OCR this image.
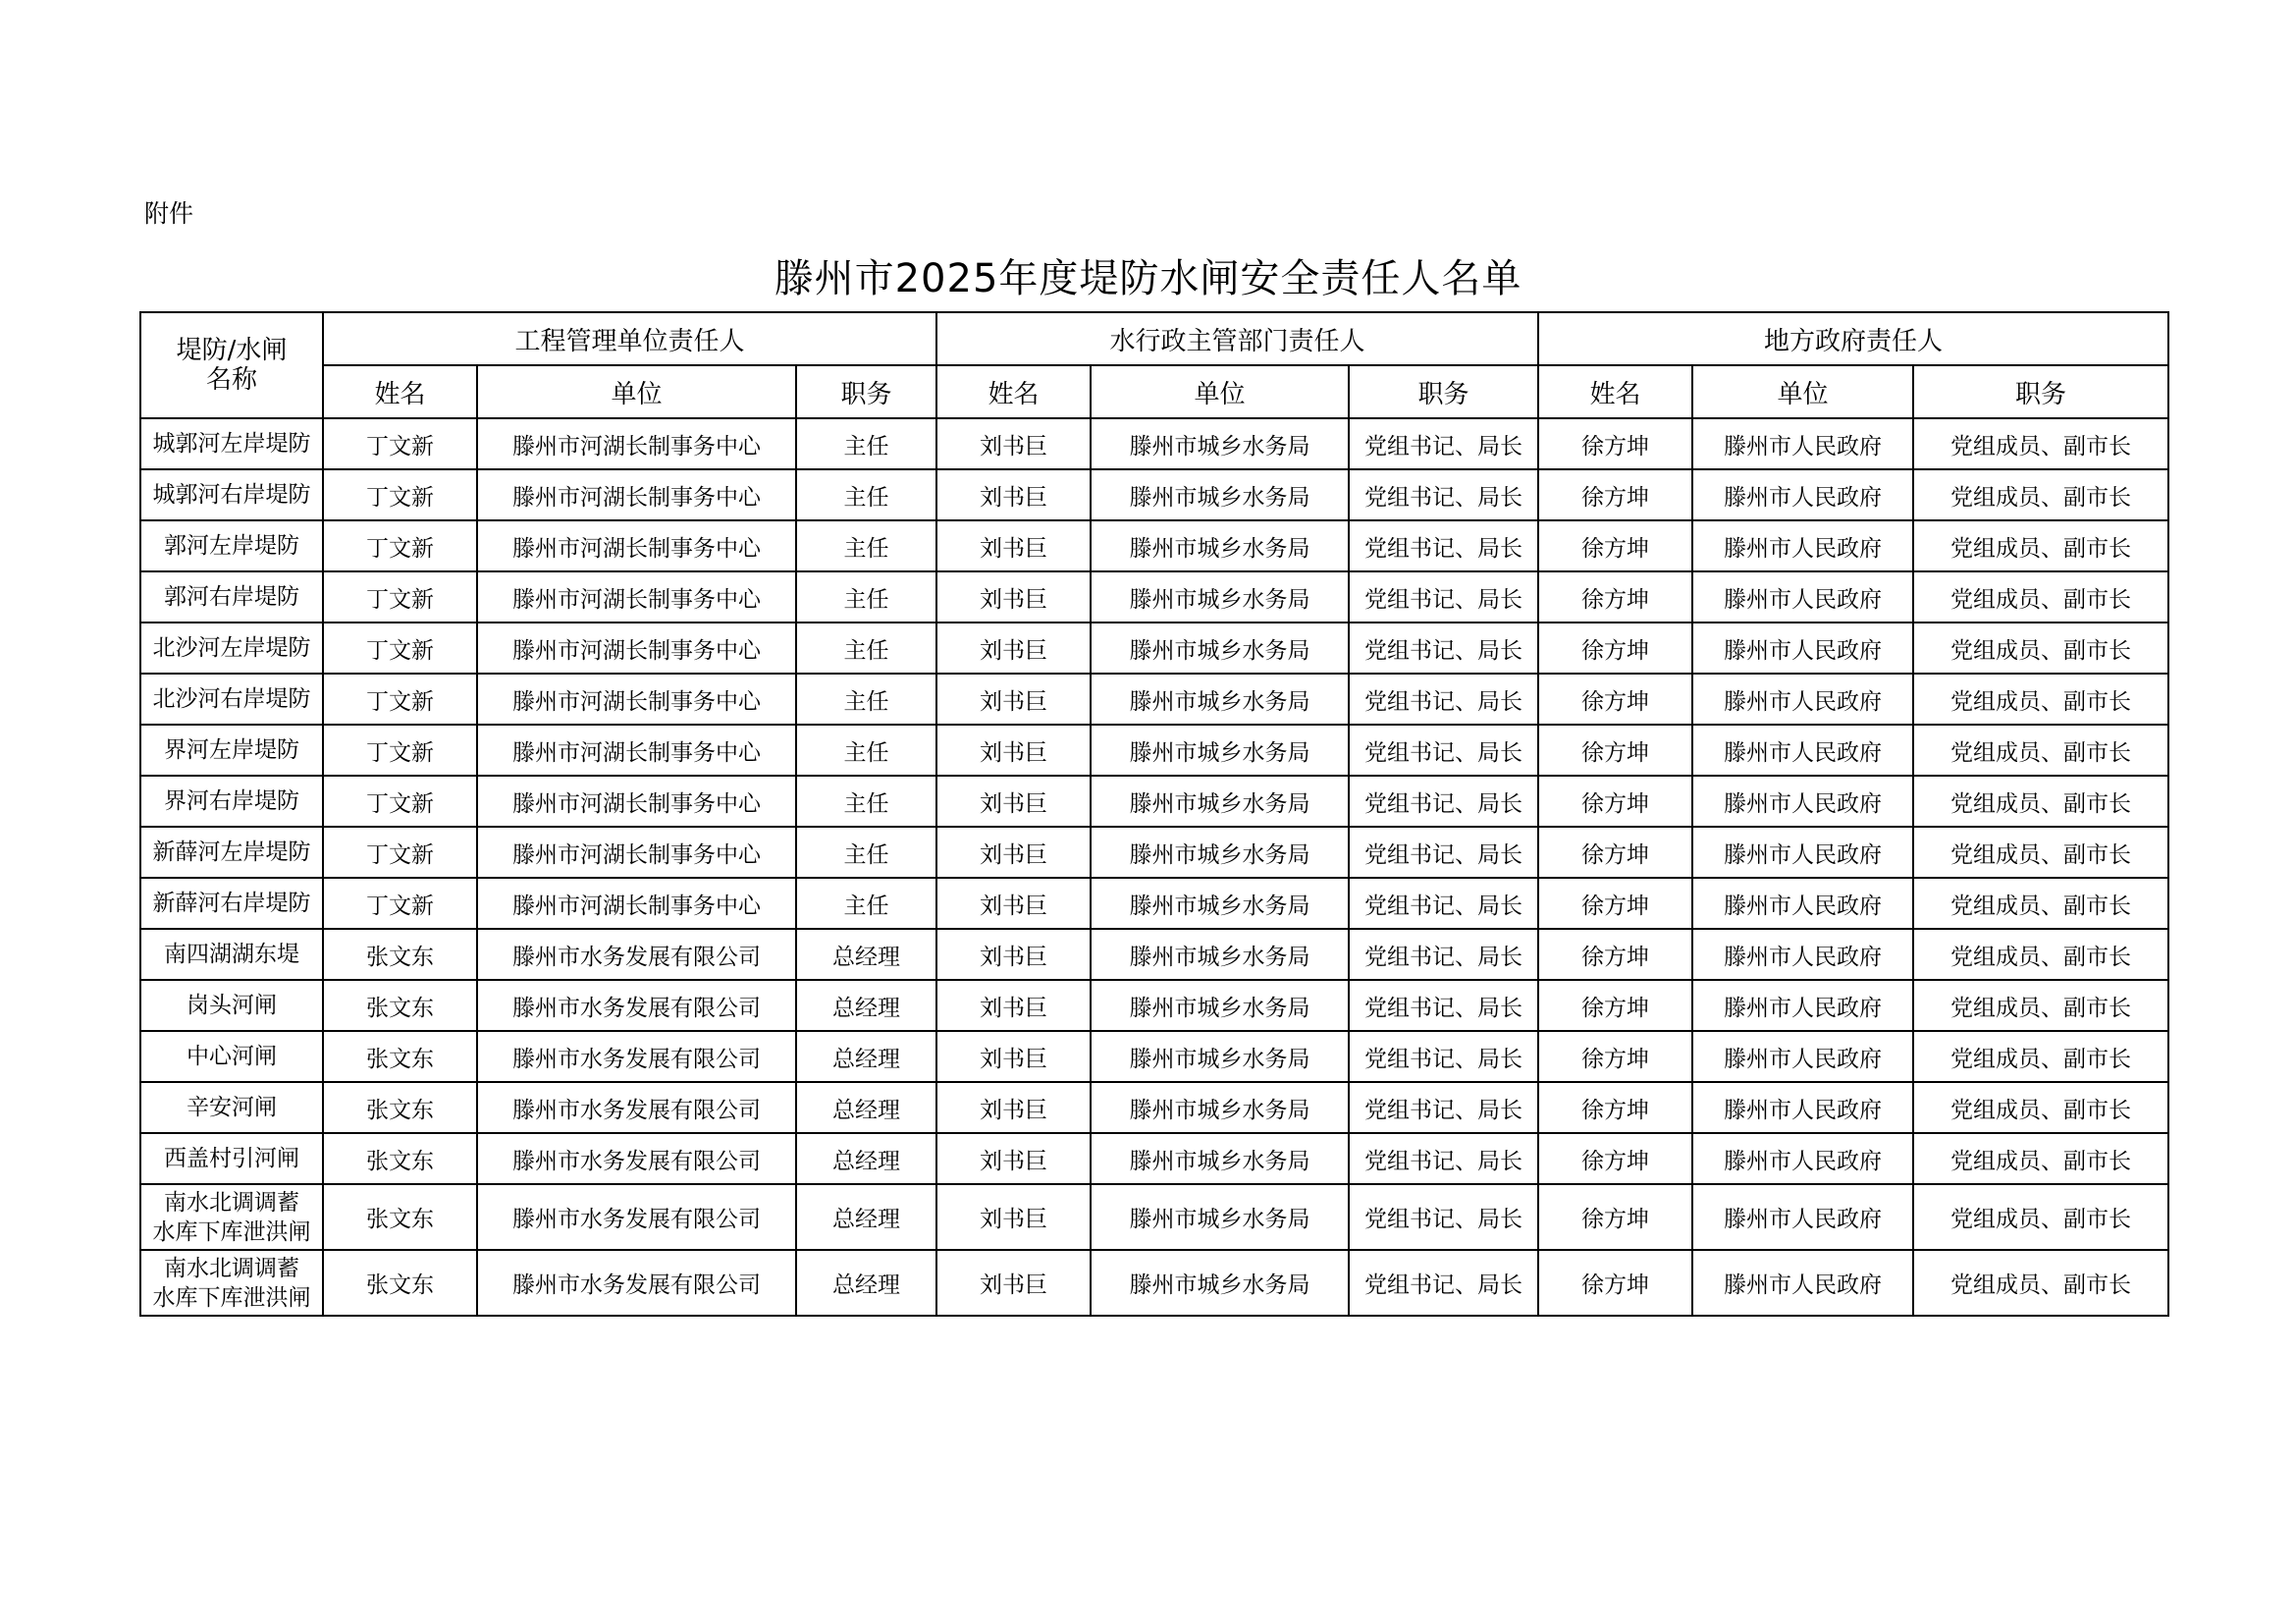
附件
滕州市2025年度堤防水闸安全责任人名单
堤防/水闸
名称	工程管理单位责任人			水行政主管部门责任人			地方政府责任人		
	姓名	单位	职务	姓名	单位	职务	姓名	单位	职务

城郭河左岸堤防	丁文新	滕州市河湖长制事务中心	主任	刘书巨	滕州市城乡水务局	党组书记、局长	徐方坤	滕州市人民政府	党组成员、副市长

城郭河右岸堤防	丁文新	滕州市河湖长制事务中心	主任	刘书巨	滕州市城乡水务局	党组书记、局长	徐方坤	滕州市人民政府	党组成员、副市长

郭河左岸堤防	丁文新	滕州市河湖长制事务中心	主任	刘书巨	滕州市城乡水务局	党组书记、局长	徐方坤	滕州市人民政府	党组成员、副市长

郭河右岸堤防	丁文新	滕州市河湖长制事务中心	主任	刘书巨	滕州市城乡水务局	党组书记、局长	徐方坤	滕州市人民政府	党组成员、副市长

北沙河左岸堤防	丁文新	滕州市河湖长制事务中心	主任	刘书巨	滕州市城乡水务局	党组书记、局长	徐方坤	滕州市人民政府	党组成员、副市长

北沙河右岸堤防	丁文新	滕州市河湖长制事务中心	主任	刘书巨	滕州市城乡水务局	党组书记、局长	徐方坤	滕州市人民政府	党组成员、副市长

界河左岸堤防	丁文新	滕州市河湖长制事务中心	主任	刘书巨	滕州市城乡水务局	党组书记、局长	徐方坤	滕州市人民政府	党组成员、副市长

界河右岸堤防	丁文新	滕州市河湖长制事务中心	主任	刘书巨	滕州市城乡水务局	党组书记、局长	徐方坤	滕州市人民政府	党组成员、副市长

新薛河左岸堤防	丁文新	滕州市河湖长制事务中心	主任	刘书巨	滕州市城乡水务局	党组书记、局长	徐方坤	滕州市人民政府	党组成员、副市长

新薛河右岸堤防	丁文新	滕州市河湖长制事务中心	主任	刘书巨	滕州市城乡水务局	党组书记、局长	徐方坤	滕州市人民政府	党组成员、副市长

南四湖湖东堤	张文东	滕州市水务发展有限公司	总经理	刘书巨	滕州市城乡水务局	党组书记、局长	徐方坤	滕州市人民政府	党组成员、副市长

岗头河闸	张文东	滕州市水务发展有限公司	总经理	刘书巨	滕州市城乡水务局	党组书记、局长	徐方坤	滕州市人民政府	党组成员、副市长

中心河闸	张文东	滕州市水务发展有限公司	总经理	刘书巨	滕州市城乡水务局	党组书记、局长	徐方坤	滕州市人民政府	党组成员、副市长

辛安河闸	张文东	滕州市水务发展有限公司	总经理	刘书巨	滕州市城乡水务局	党组书记、局长	徐方坤	滕州市人民政府	党组成员、副市长

西盖村引河闸	张文东	滕州市水务发展有限公司	总经理	刘书巨	滕州市城乡水务局	党组书记、局长	徐方坤	滕州市人民政府	党组成员、副市长

南水北调调蓄
水库下库泄洪闸	张文东	滕州市水务发展有限公司	总经理	刘书巨	滕州市城乡水务局	党组书记、局长	徐方坤	滕州市人民政府	党组成员、副市长

南水北调调蓄
水库下库泄洪闸	张文东	滕州市水务发展有限公司	总经理	刘书巨	滕州市城乡水务局	党组书记、局长	徐方坤	滕州市人民政府	党组成员、副市长
